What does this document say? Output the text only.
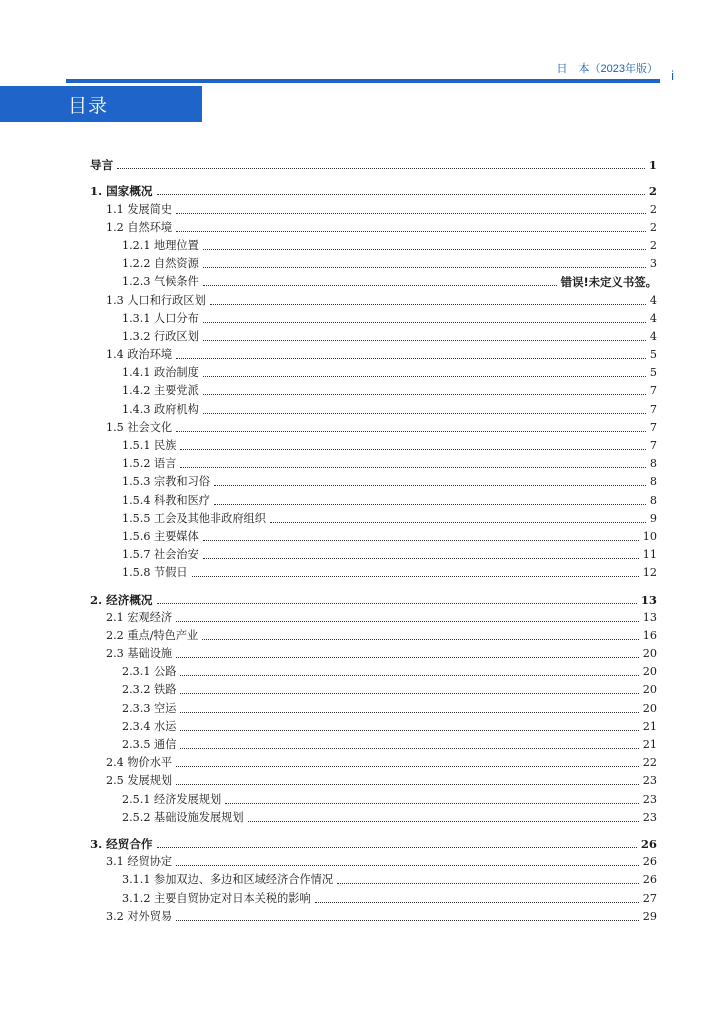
日　本（2023年版） i
目录
导言	1
1. 国家概况	2
1.1 发展简史	2
1.2 自然环境	2
1.2.1 地理位置	2
1.2.2 自然资源	3
1.2.3 气候条件	错误!未定义书签。
1.3 人口和行政区划	4
1.3.1 人口分布	4
1.3.2 行政区划	4
1.4 政治环境	5
1.4.1 政治制度	5
1.4.2 主要党派	7
1.4.3 政府机构	7
1.5 社会文化	7
1.5.1 民族	7
1.5.2 语言	8
1.5.3 宗教和习俗	8
1.5.4 科教和医疗	8
1.5.5 工会及其他非政府组织	9
1.5.6 主要媒体	10
1.5.7 社会治安	11
1.5.8 节假日	12
2. 经济概况	13
2.1 宏观经济	13
2.2 重点/特色产业	16
2.3 基础设施	20
2.3.1 公路	20
2.3.2 铁路	20
2.3.3 空运	20
2.3.4 水运	21
2.3.5 通信	21
2.4 物价水平	22
2.5 发展规划	23
2.5.1 经济发展规划	23
2.5.2 基础设施发展规划	23
3. 经贸合作	26
3.1 经贸协定	26
3.1.1 参加双边、多边和区域经济合作情况	26
3.1.2 主要自贸协定对日本关税的影响	27
3.2 对外贸易	29
